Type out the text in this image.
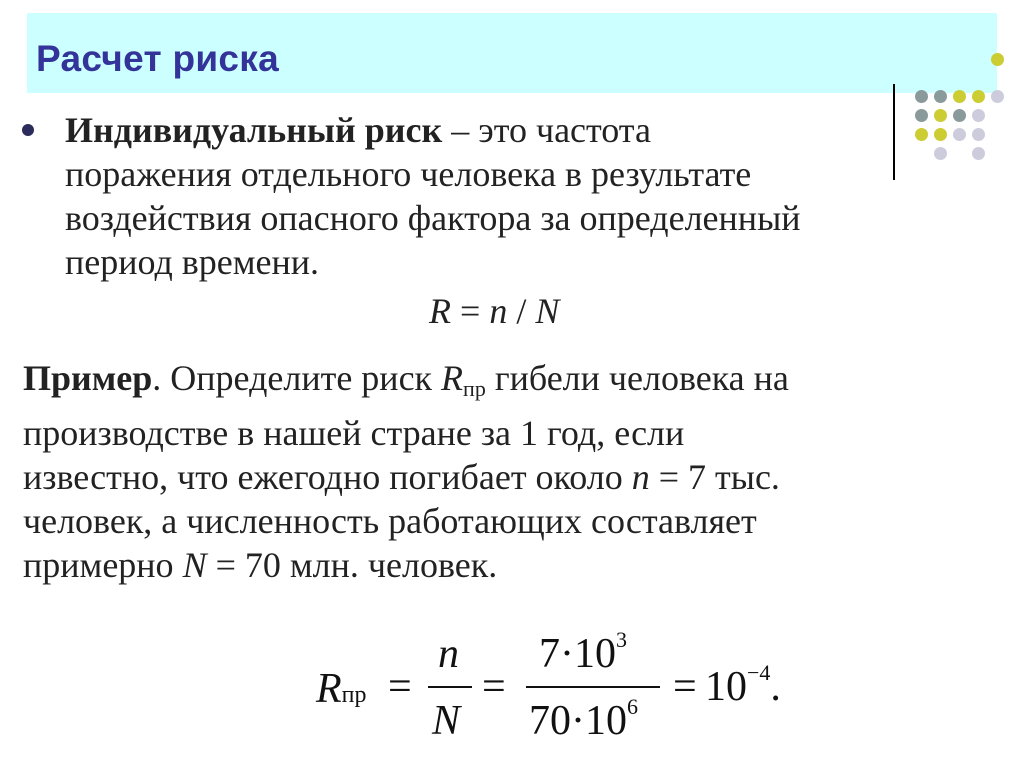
Расчет риска
Индивидуальный риск – это частота
поражения отдельного человека в результате
воздействия опасного фактора за определенный
период времени.
R = n / N
Пример. Определите риск $R_{пр}$ гибели человека на
производстве в нашей стране за 1 год, если
известно, что ежегодно погибает около n = 7 тыс.
человек, а численность работающих составляет
примерно N = 70 млн. человек.
Rпр =
n
N
=
$7\cdot 10^3$
$70\cdot 10^6 = 10^{-4}$.
